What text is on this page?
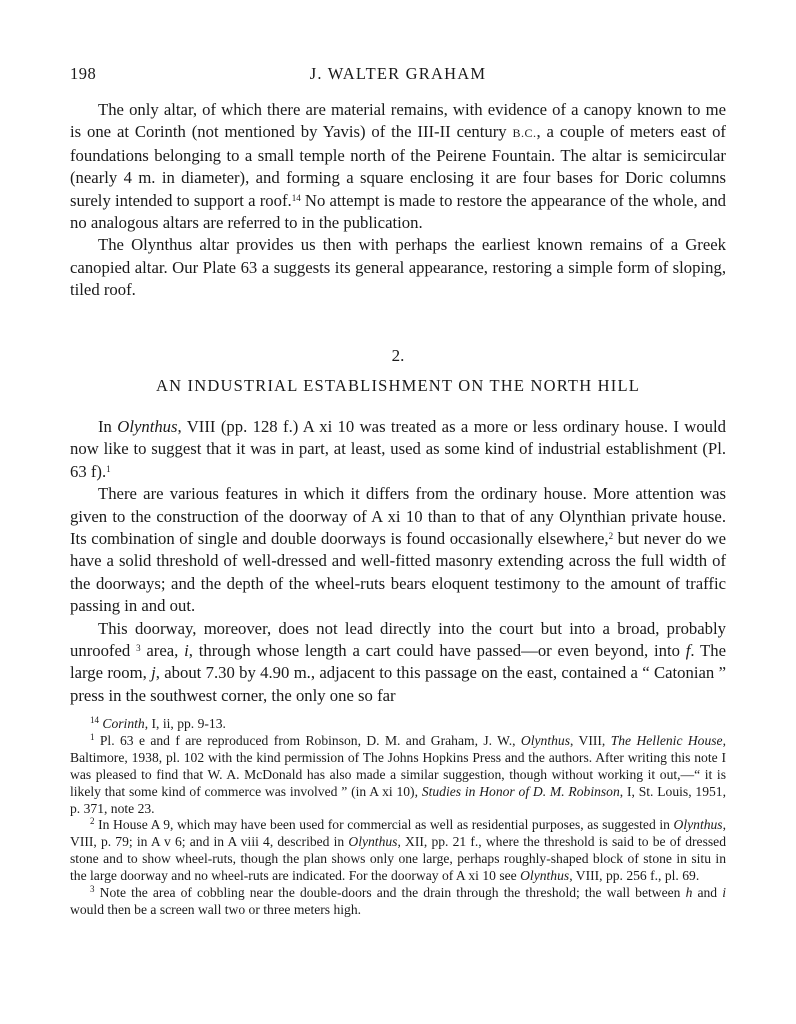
198	J. WALTER GRAHAM

The only altar, of which there are material remains, with evidence of a canopy known to me is one at Corinth (not mentioned by Yavis) of the III-II century B.C., a couple of meters east of foundations belonging to a small temple north of the Peirene Fountain. The altar is semicircular (nearly 4 m. in diameter), and forming a square enclosing it are four bases for Doric columns surely intended to support a roof.$^{14}$ No attempt is made to restore the appearance of the whole, and no analogous altars are referred to in the publication.

The Olynthus altar provides us then with perhaps the earliest known remains of a Greek canopied altar. Our Plate 63 a suggests its general appearance, restoring a simple form of sloping, tiled roof.

2.
AN INDUSTRIAL ESTABLISHMENT ON THE NORTH HILL

In Olynthus, VIII (pp. 128 f.) A xi 10 was treated as a more or less ordinary house. I would now like to suggest that it was in part, at least, used as some kind of industrial establishment (Pl. 63 f).$^1$

There are various features in which it differs from the ordinary house. More attention was given to the construction of the doorway of A xi 10 than to that of any Olynthian private house. Its combination of single and double doorways is found occasionally elsewhere,$^2$ but never do we have a solid threshold of well-dressed and well-fitted masonry extending across the full width of the doorways; and the depth of the wheel-ruts bears eloquent testimony to the amount of traffic passing in and out.

This doorway, moreover, does not lead directly into the court but into a broad, probably unroofed $^3$ area, i, through whose length a cart could have passed—or even beyond, into f. The large room, j, about 7.30 by 4.90 m., adjacent to this passage on the east, contained a “ Catonian ” press in the southwest corner, the only one so far

$^{14}$ Corinth, I, ii, pp. 9-13.

$^1$ Pl. 63 e and f are reproduced from Robinson, D. M. and Graham, J. W., Olynthus, VIII, The Hellenic House, Baltimore, 1938, pl. 102 with the kind permission of The Johns Hopkins Press and the authors. After writing this note I was pleased to find that W. A. McDonald has also made a similar suggestion, though without working it out,—“ it is likely that some kind of commerce was involved ” (in A xi 10), Studies in Honor of D. M. Robinson, I, St. Louis, 1951, p. 371, note 23.

$^2$ In House A 9, which may have been used for commercial as well as residential purposes, as suggested in Olynthus, VIII, p. 79; in A v 6; and in A viii 4, described in Olynthus, XII, pp. 21 f., where the threshold is said to be of dressed stone and to show wheel-ruts, though the plan shows only one large, perhaps roughly-shaped block of stone in situ in the large doorway and no wheel-ruts are indicated. For the doorway of A xi 10 see Olynthus, VIII, pp. 256 f., pl. 69.

$^3$ Note the area of cobbling near the double-doors and the drain through the threshold; the wall between h and i would then be a screen wall two or three meters high.
